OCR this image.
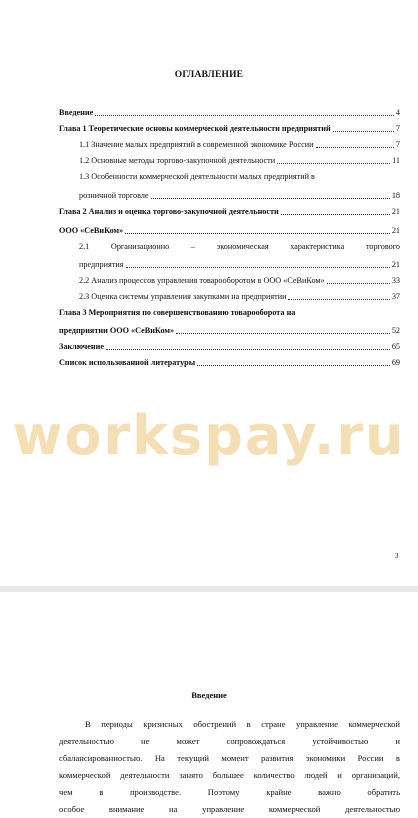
ОГЛАВЛЕНИЕ
Введение	4
Глава 1 Теоретические основы коммерческой деятельности предприятий	7
1.1 Значение малых предприятий в современной экономике России	7
1.2 Основные методы торгово-закупочной деятельности	11
1.3 Особенности коммерческой деятельности малых предприятий в
розничной торговле	18
Глава 2 Анализ и оценка торгово-закупочной деятельности	21
ООО «СеВиКом»	21
2.1 Организационно – экономическая характеристика торгового
предприятия	21
2.2 Анализ процессов управления товарооборотом в ООО «СеВиКом»	33
2.3 Оценка системы управления закупками на предприятии	37
Глава 3 Мероприятия по совершенствованию товарооборота на
предприятии ООО «СеВиКом»	52
Заключение	65
Список использованной литературы	69
workspay.ru
3
Введение
В периоды кризисных обострений в стране управление коммерческой
деятельностью не может сопровождаться устойчивостью и
сбалансированностью. На текущий момент развития экономики России в
коммерческой деятельности занято большее количество людей и организаций,
чем в производстве. Поэтому крайне важно обратить
особое внимание на управление коммерческой деятельностью
